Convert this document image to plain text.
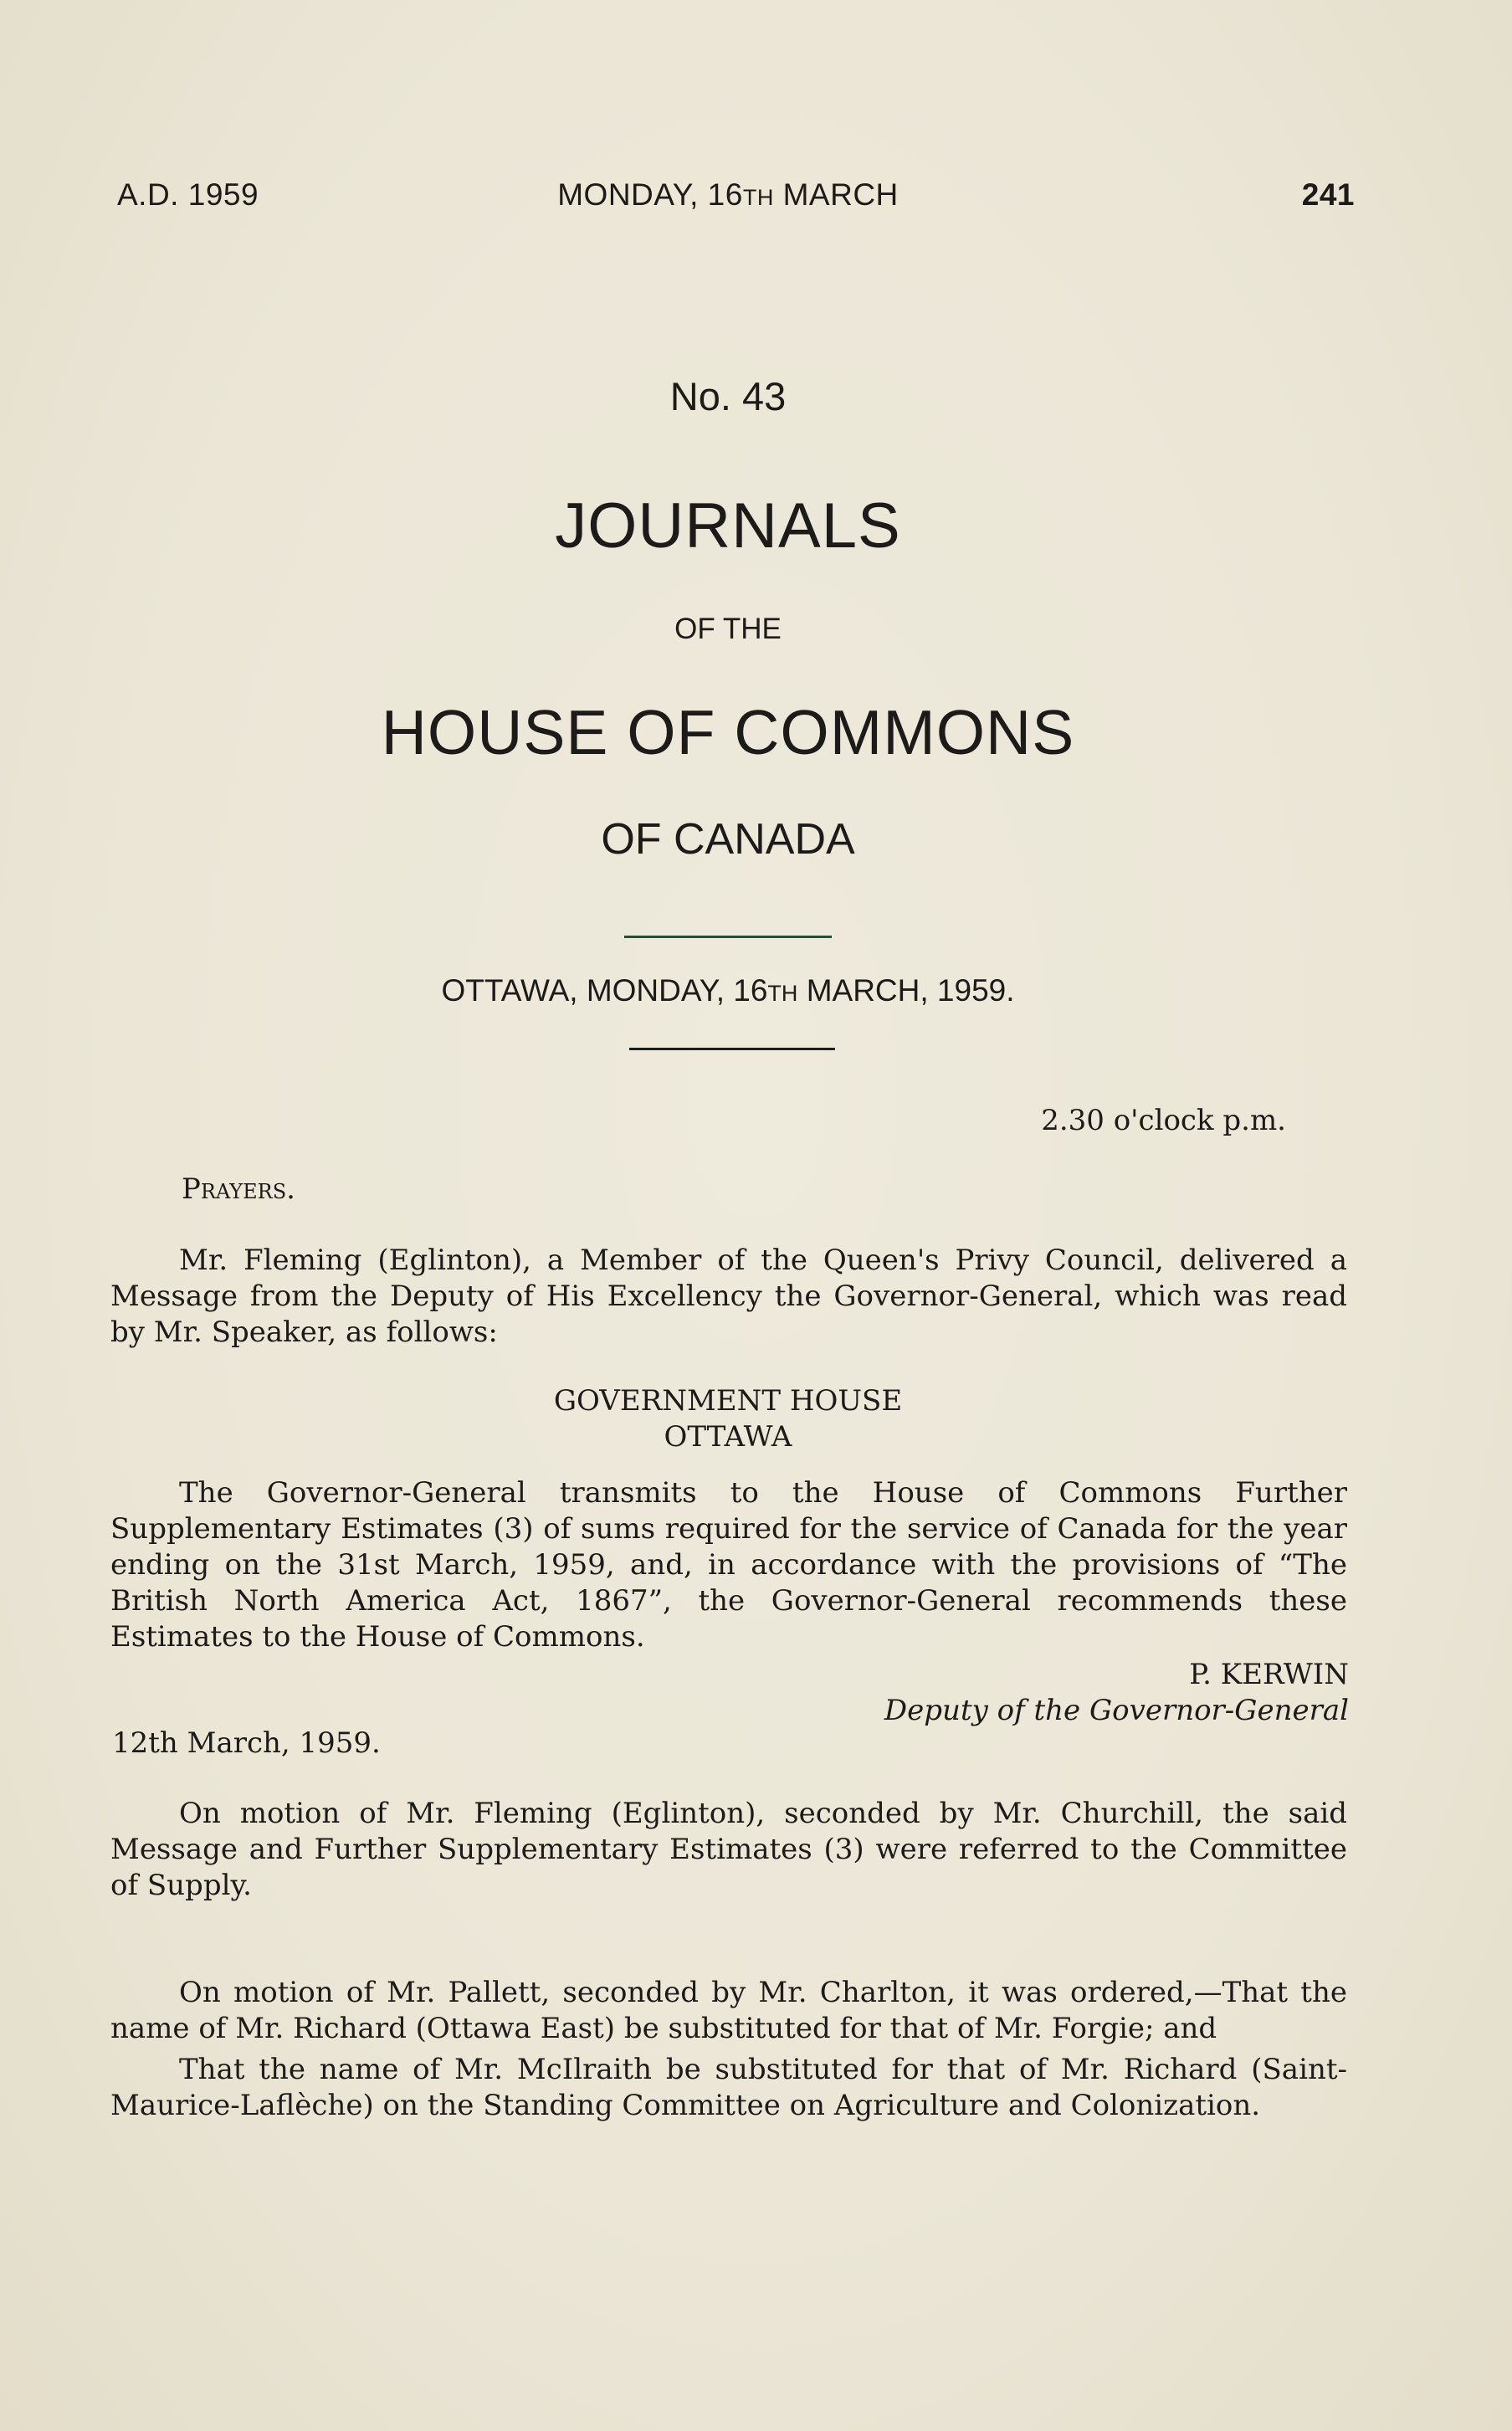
A.D. 1959	MONDAY, 16TH MARCH	241
No. 43
JOURNALS
OF THE
HOUSE OF COMMONS
OF CANADA
OTTAWA, MONDAY, 16TH MARCH, 1959.
2.30 o'clock p.m.
Prayers.

Mr. Fleming (Eglinton), a Member of the Queen's Privy Council, delivered a Message from the Deputy of His Excellency the Governor-General, which was read by Mr. Speaker, as follows:

GOVERNMENT HOUSE
OTTAWA

The Governor-General transmits to the House of Commons Further Supplementary Estimates (3) of sums required for the service of Canada for the year ending on the 31st March, 1959, and, in accordance with the provisions of “The British North America Act, 1867”, the Governor-General recommends these Estimates to the House of Commons.

P. KERWIN
Deputy of the Governor-General
12th March, 1959.

On motion of Mr. Fleming (Eglinton), seconded by Mr. Churchill, the said Message and Further Supplementary Estimates (3) were referred to the Committee of Supply.

On motion of Mr. Pallett, seconded by Mr. Charlton, it was ordered,—That the name of Mr. Richard (Ottawa East) be substituted for that of Mr. Forgie; and

That the name of Mr. McIlraith be substituted for that of Mr. Richard (Saint-Maurice-Laflèche) on the Standing Committee on Agriculture and Colonization.
